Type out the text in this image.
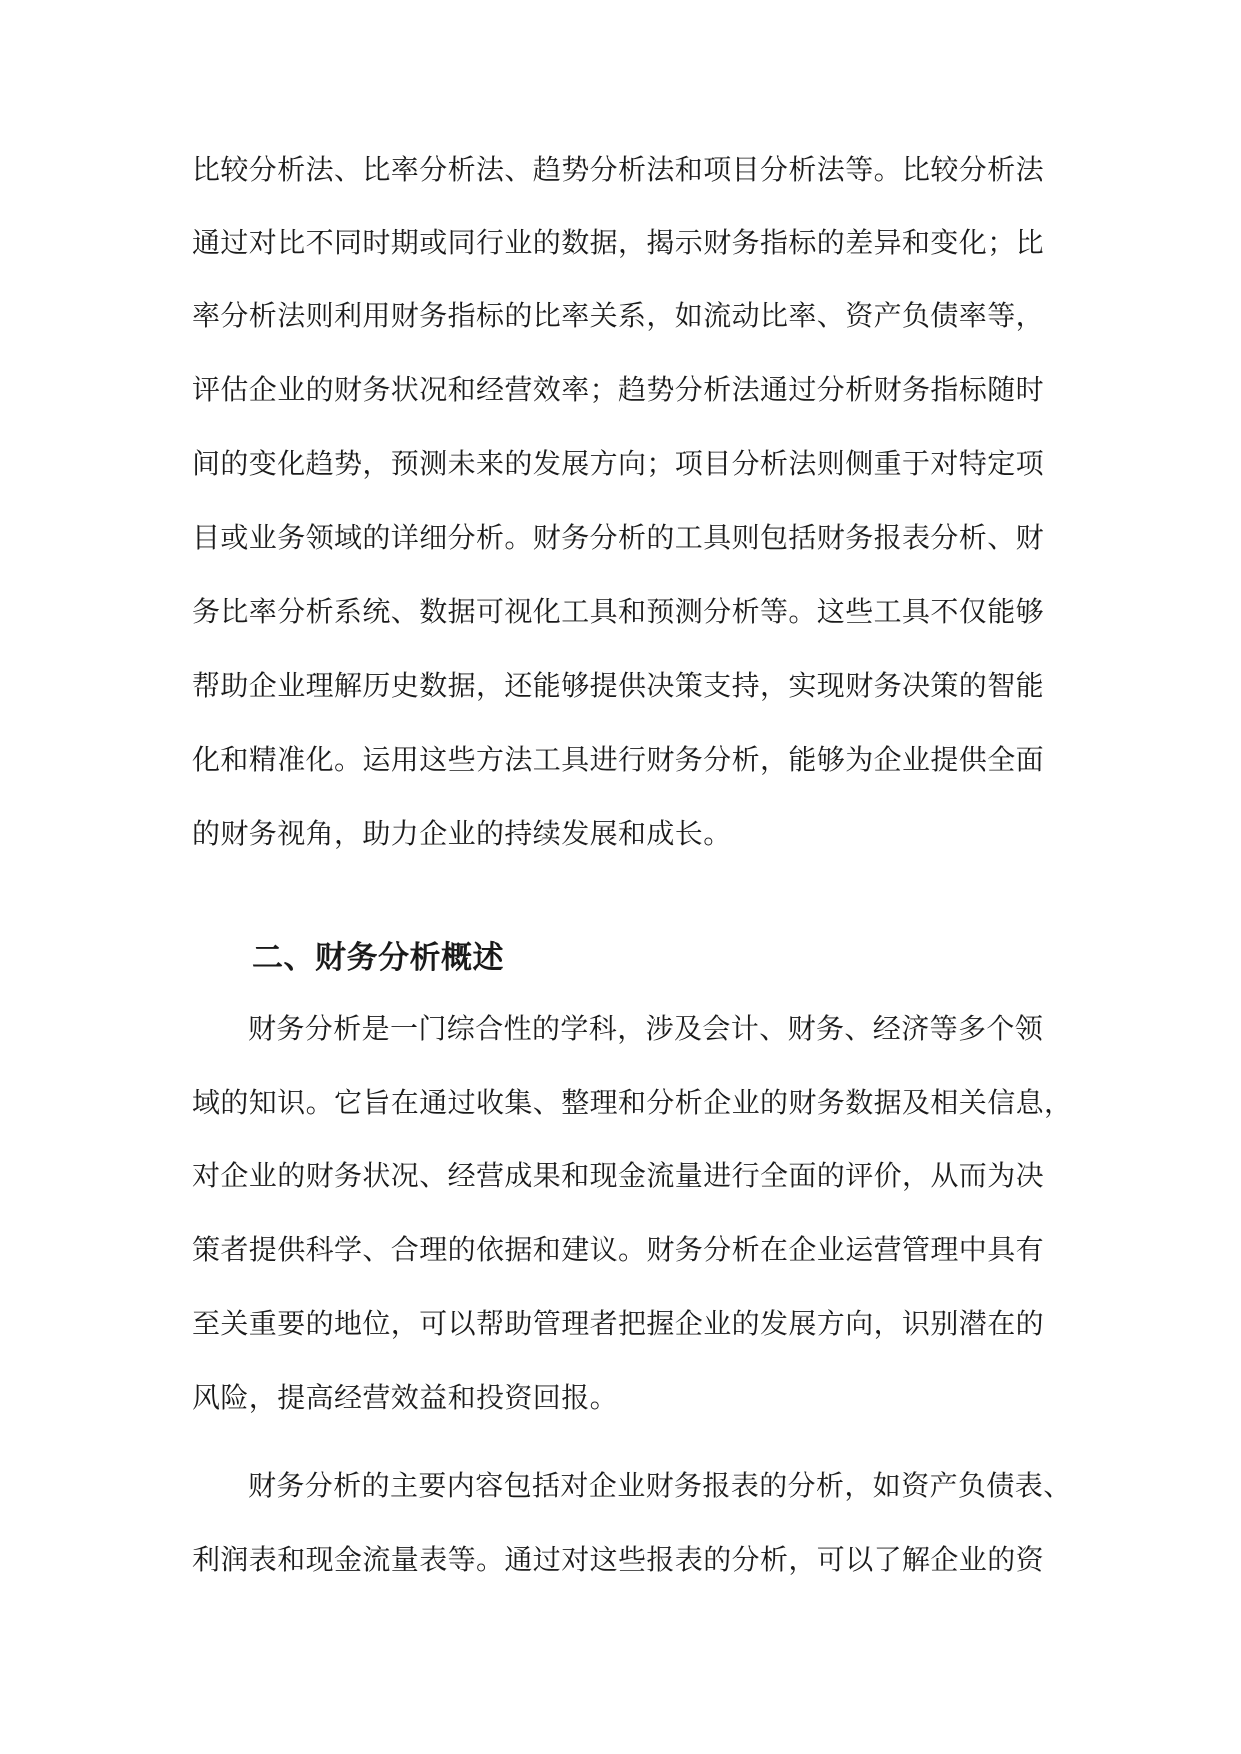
比较分析法、比率分析法、趋势分析法和项目分析法等。比较分析法
通过对比不同时期或同行业的数据，揭示财务指标的差异和变化；比
率分析法则利用财务指标的比率关系，如流动比率、资产负债率等，
评估企业的财务状况和经营效率；趋势分析法通过分析财务指标随时
间的变化趋势，预测未来的发展方向；项目分析法则侧重于对特定项
目或业务领域的详细分析。财务分析的工具则包括财务报表分析、财
务比率分析系统、数据可视化工具和预测分析等。这些工具不仅能够
帮助企业理解历史数据，还能够提供决策支持，实现财务决策的智能
化和精准化。运用这些方法工具进行财务分析，能够为企业提供全面
的财务视角，助力企业的持续发展和成长。
二、财务分析概述
财务分析是一门综合性的学科，涉及会计、财务、经济等多个领
域的知识。它旨在通过收集、整理和分析企业的财务数据及相关信息，
对企业的财务状况、经营成果和现金流量进行全面的评价，从而为决
策者提供科学、合理的依据和建议。财务分析在企业运营管理中具有
至关重要的地位，可以帮助管理者把握企业的发展方向，识别潜在的
风险，提高经营效益和投资回报。
财务分析的主要内容包括对企业财务报表的分析，如资产负债表、
利润表和现金流量表等。通过对这些报表的分析，可以了解企业的资
